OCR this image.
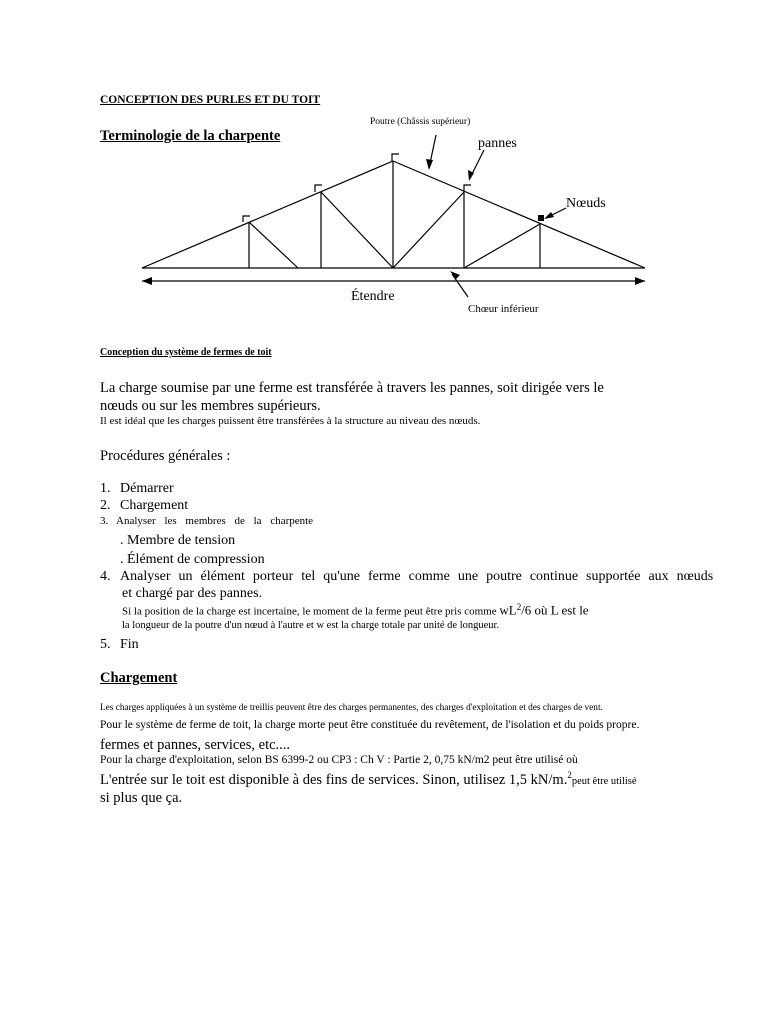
CONCEPTION DES PURLES ET DU TOIT
Terminologie de la charpente
Poutre (Châssis supérieur)
pannes
Nœuds
Étendre
Chœur inférieur
Conception du système de fermes de toit
La charge soumise par une ferme est transférée à travers les pannes, soit dirigée vers le
nœuds ou sur les membres supérieurs.
Il est idéal que les charges puissent être transférées à la structure au niveau des nœuds.
Procédures générales :
1. Démarrer
2. Chargement
3. Analyser les membres de la charpente
. Membre de tension
. Élément de compression
4. Analyser un élément porteur tel qu'une ferme comme une poutre continue supportée aux nœuds
et chargé par des pannes.
Si la position de la charge est incertaine, le moment de la ferme peut être pris comme $wL^2/6$ où L est le
la longueur de la poutre d'un nœud à l'autre et w est la charge totale par unité de longueur.
5. Fin
Chargement
Les charges appliquées à un système de treillis peuvent être des charges permanentes, des charges d'exploitation et des charges de vent.
Pour le système de ferme de toit, la charge morte peut être constituée du revêtement, de l'isolation et du poids propre.
fermes et pannes, services, etc....
Pour la charge d'exploitation, selon BS 6399-2 ou CP3 : Ch V : Partie 2, 0,75 kN/m2 peut être utilisé où
L'entrée sur le toit est disponible à des fins de services. Sinon, utilisez 1,5 kN/m.$^2$peut être utilisé
si plus que ça.
